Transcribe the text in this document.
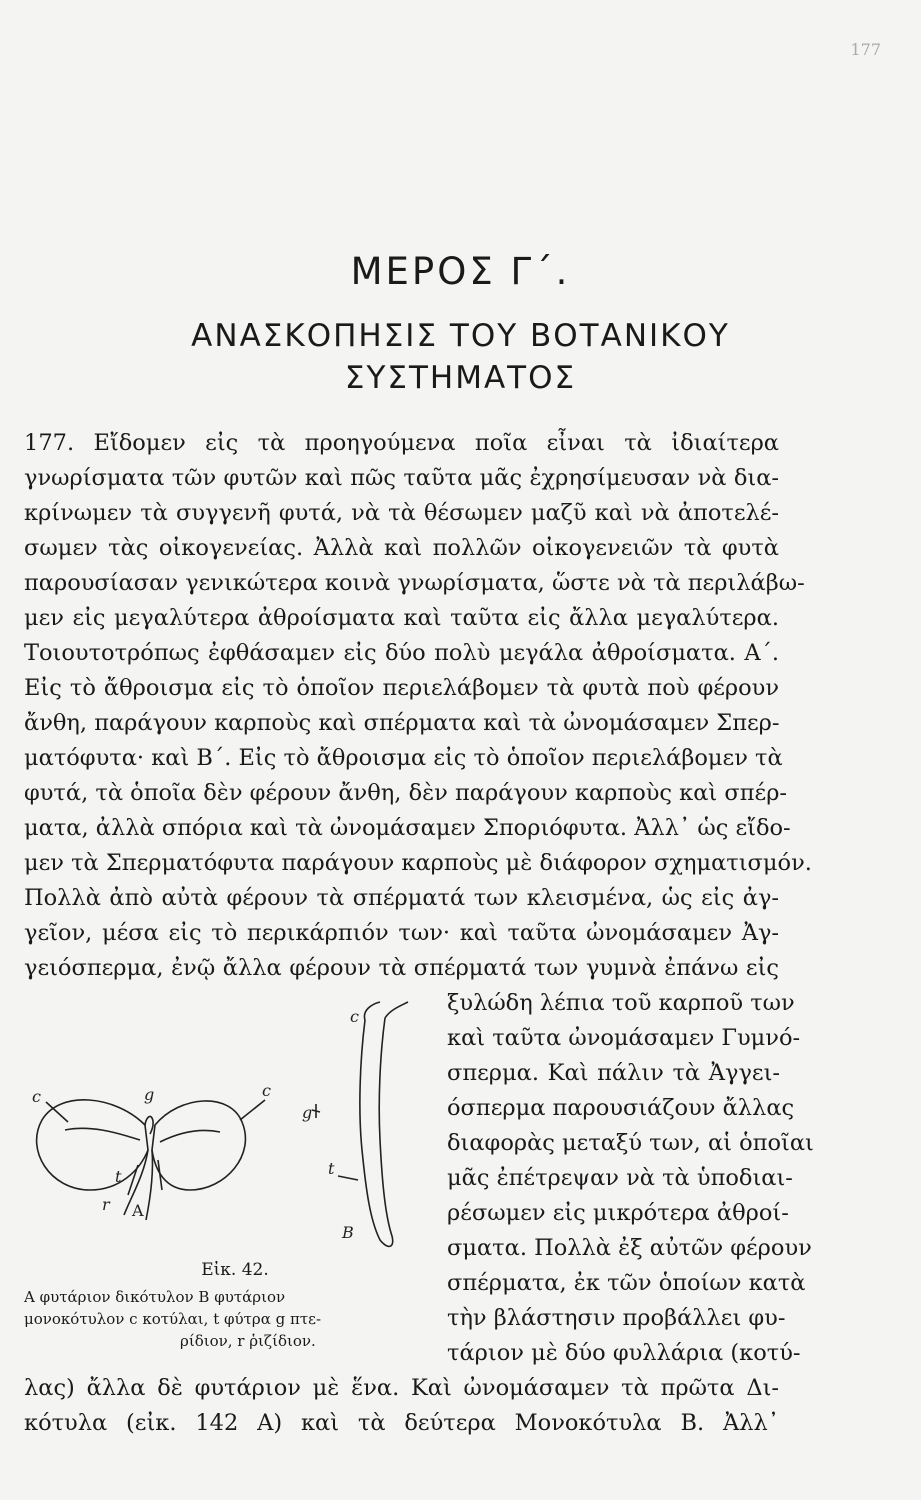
177
ΜΕΡΟΣ Γ΄.
ΑΝΑΣΚΟΠΗΣΙΣ ΤΟΥ ΒΟΤΑΝΙΚΟΥ
ΣΥΣΤΗΜΑΤΟΣ
177. Εἴδομεν εἰς τὰ προηγούμενα ποῖα εἶναι τὰ ἰδιαίτερα
γνωρίσματα τῶν φυτῶν καὶ πῶς ταῦτα μᾶς ἐχρησίμευσαν νὰ δια-
κρίνωμεν τὰ συγγενῆ φυτά, νὰ τὰ θέσωμεν μαζῦ καὶ νὰ ἀποτελέ-
σωμεν τὰς οἰκογενείας. Ἀλλὰ καὶ πολλῶν οἰκογενειῶν τὰ φυτὰ
παρουσίασαν γενικώτερα κοινὰ γνωρίσματα, ὥστε νὰ τὰ περιλάβω-
μεν εἰς μεγαλύτερα ἀθροίσματα καὶ ταῦτα εἰς ἄλλα μεγαλύτερα.
Τοιουτοτρόπως ἐφθάσαμεν εἰς δύο πολὺ μεγάλα ἀθροίσματα. Α΄.
Εἰς τὸ ἄθροισμα εἰς τὸ ὁποῖον περιελάβομεν τὰ φυτὰ ποὺ φέρουν
ἄνθη, παράγουν καρποὺς καὶ σπέρματα καὶ τὰ ὠνομάσαμεν Σπερ-
ματόφυτα· καὶ Β΄. Εἰς τὸ ἄθροισμα εἰς τὸ ὁποῖον περιελάβομεν τὰ
φυτά, τὰ ὁποῖα δὲν φέρουν ἄνθη, δὲν παράγουν καρποὺς καὶ σπέρ-
ματα, ἀλλὰ σπόρια καὶ τὰ ὠνομάσαμεν Σποριόφυτα. Ἀλλ᾽ ὡς εἴδο-
μεν τὰ Σπερματόφυτα παράγουν καρποὺς μὲ διάφορον σχηματισμόν.
Πολλὰ ἀπὸ αὐτὰ φέρουν τὰ σπέρματά των κλεισμένα, ὡς εἰς ἀγ-
γεῖον, μέσα εἰς τὸ περικάρπιόν των· καὶ ταῦτα ὠνομάσαμεν Ἀγ-
γειόσπερμα, ἐνῷ ἄλλα φέρουν τὰ σπέρματά των γυμνὰ ἐπάνω εἰς
ξυλώδη λέπια τοῦ καρποῦ των
καὶ ταῦτα ὠνομάσαμεν Γυμνό-
σπερμα. Καὶ πάλιν τὰ Ἀγγει-
όσπερμα παρουσιάζουν ἄλλας
διαφορὰς μεταξύ των, αἱ ὁποῖαι
μᾶς ἐπέτρεψαν νὰ τὰ ὑποδιαι-
ρέσωμεν εἰς μικρότερα ἀθροί-
σματα. Πολλὰ ἐξ αὐτῶν φέρουν
σπέρματα, ἐκ τῶν ὁποίων κατὰ
τὴν βλάστησιν προβάλλει φυ-
τάριον μὲ δύο φυλλάρια (κοτύ-
λας) ἄλλα δὲ φυτάριον μὲ ἕνα. Καὶ ὠνομάσαμεν τὰ πρῶτα Δι-
κότυλα (εἰκ. 142 Α) καὶ τὰ δεύτερα Μονοκότυλα Β. Ἀλλ᾽
c	g	c
t
r A
c
g
t
B
Εἰκ. 42.
Α φυτάριον δικότυλον Β φυτάριον
μονοκότυλον c κοτύλαι, t φύτρα g πτε-
ρίδιον, r ῥιζίδιον.
